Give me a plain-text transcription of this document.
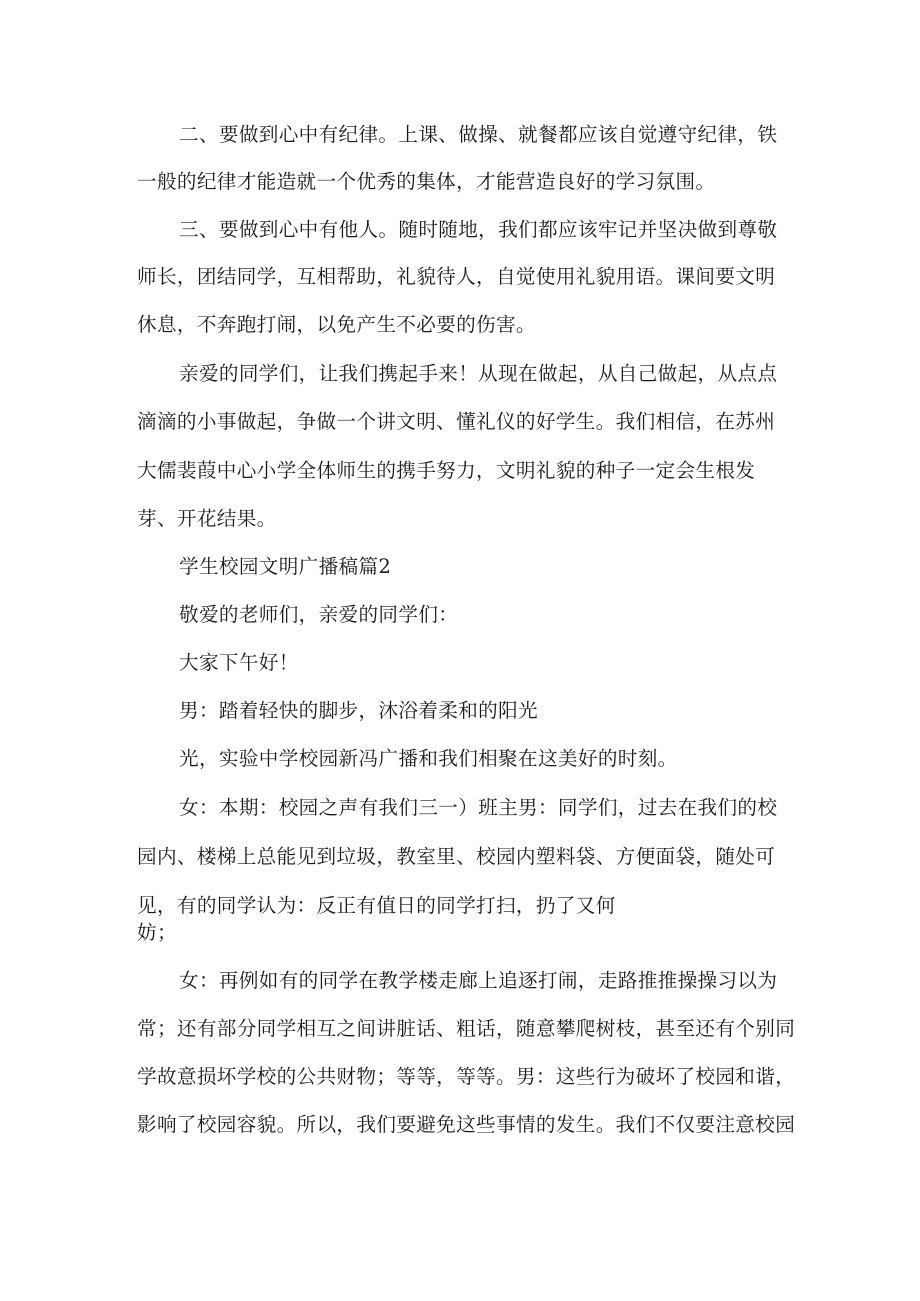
二、要做到心中有纪律。上课、做操、就餐都应该自觉遵守纪律，铁
一般的纪律才能造就一个优秀的集体，才能营造良好的学习氛围。
三、要做到心中有他人。随时随地，我们都应该牢记并坚决做到尊敬
师长，团结同学，互相帮助，礼貌待人，自觉使用礼貌用语。课间要文明
休息，不奔跑打闹，以免产生不必要的伤害。
亲爱的同学们，让我们携起手来！从现在做起，从自己做起，从点点
滴滴的小事做起，争做一个讲文明、懂礼仪的好学生。我们相信，在苏州
大儒裴葭中心小学全体师生的携手努力，文明礼貌的种子一定会生根发
芽、开花结果。
学生校园文明广播稿篇2
敬爱的老师们，亲爱的同学们：
大家下午好！
男：踏着轻快的脚步，沐浴着柔和的阳光
光，实验中学校园新冯广播和我们相聚在这美好的时刻。
女：本期：校园之声有我们三一）班主男：同学们，过去在我们的校
园内、楼梯上总能见到垃圾，教室里、校园内塑料袋、方便面袋，随处可
见，有的同学认为：反正有值日的同学打扫，扔了又何
妨；
女：再例如有的同学在教学楼走廊上追逐打闹，走路推推操操习以为
常；还有部分同学相互之间讲脏话、粗话，随意攀爬树枝，甚至还有个别同
学故意损坏学校的公共财物；等等，等等。男：这些行为破坏了校园和谐，
影响了校园容貌。所以，我们要避免这些事情的发生。我们不仅要注意校园
